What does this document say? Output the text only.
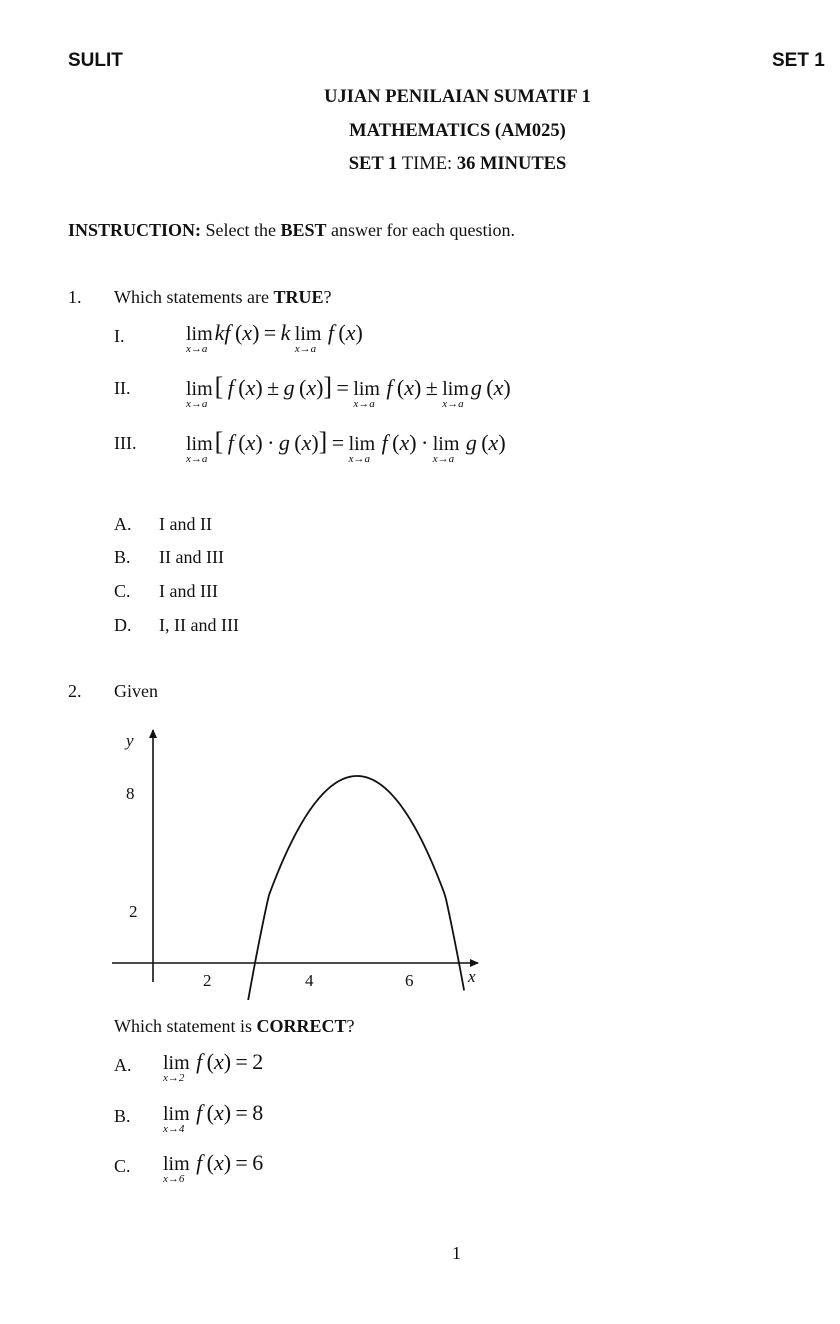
SULIT	SET 1
UJIAN PENILAIAN SUMATIF 1
MATHEMATICS (AM025)
SET 1 TIME: 36 MINUTES
INSTRUCTION: Select the BEST answer for each question.
1. Which statements are TRUE?
I.	lim
x→a
kf (x) = k  lim
x→a
 f (x)
II.	lim
x→a
[  f (x) ± g (x)] = lim
x→a
 f (x) ± lim
x→a
g (x)
III. lim
x→a
[  f (x) · g (x)] = lim
x→a
 f (x) · lim
x→a
 g (x)
A. I and II
B. II and III
C. I and III
D. I, II and III
2. Given
y
x
8
2
2	4	6
Which statement is CORRECT?
A. lim
x→2
 f (x) = 2
B. lim
x→4
 f (x) = 8
C. lim
x→6
 f (x) = 6
1
